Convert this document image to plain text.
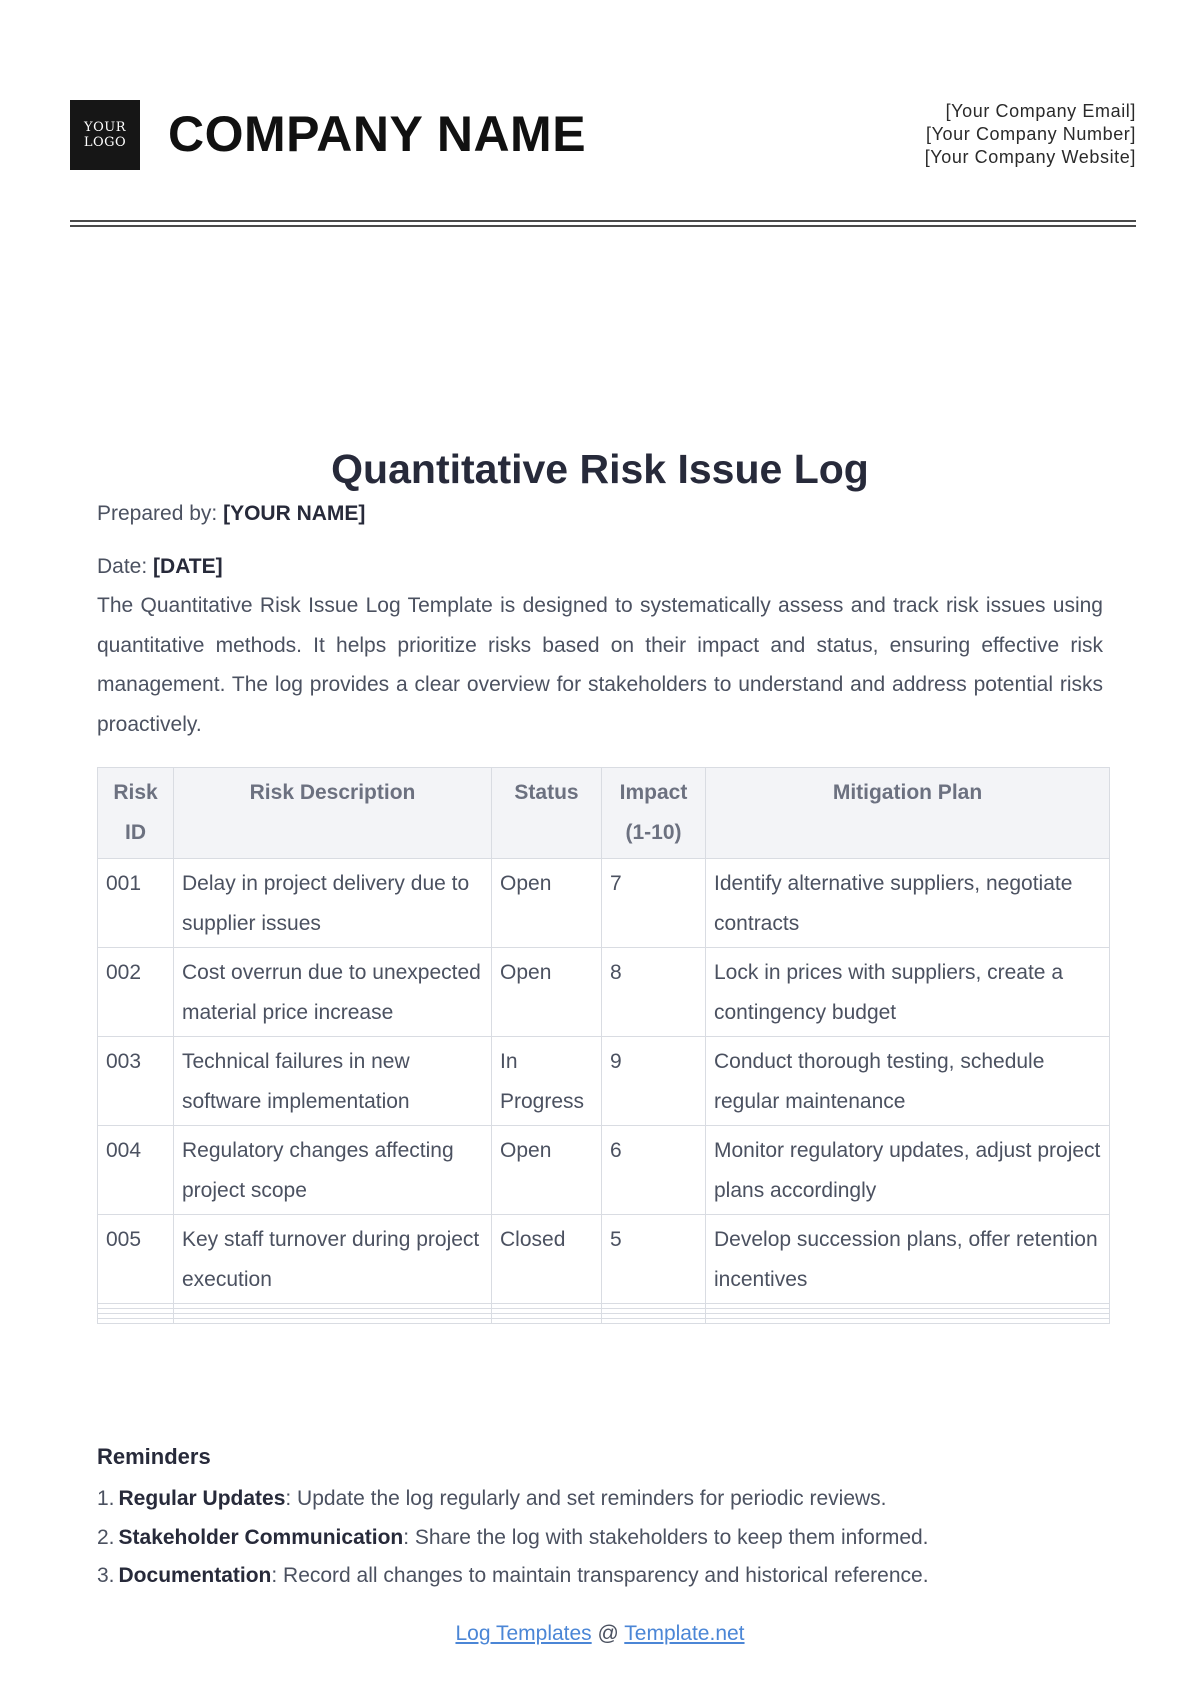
YOUR
LOGO COMPANY NAME	[Your Company Email]
[Your Company Number]
[Your Company Website]
Quantitative Risk Issue Log
Prepared by: [YOUR NAME]
Date: [DATE]
The Quantitative Risk Issue Log Template is designed to systematically assess and track risk issues using quantitative methods. It helps prioritize risks based on their impact and status, ensuring effective risk management. The log provides a clear overview for stakeholders to understand and address potential risks proactively.
Risk ID	Risk Description	Status	Impact (1-10)	Mitigation Plan
001	Delay in project delivery due to supplier issues	Open	7	Identify alternative suppliers, negotiate contracts
002	Cost overrun due to unexpected material price increase	Open	8	Lock in prices with suppliers, create a contingency budget
003	Technical failures in new software implementation	In Progress	9	Conduct thorough testing, schedule regular maintenance
004	Regulatory changes affecting project scope	Open	6	Monitor regulatory updates, adjust project plans accordingly
005	Key staff turnover during project execution	Closed	5	Develop succession plans, offer retention incentives

Reminders
1. Regular Updates: Update the log regularly and set reminders for periodic reviews.
2. Stakeholder Communication: Share the log with stakeholders to keep them informed.
3. Documentation: Record all changes to maintain transparency and historical reference.
Log Templates @ Template.net
